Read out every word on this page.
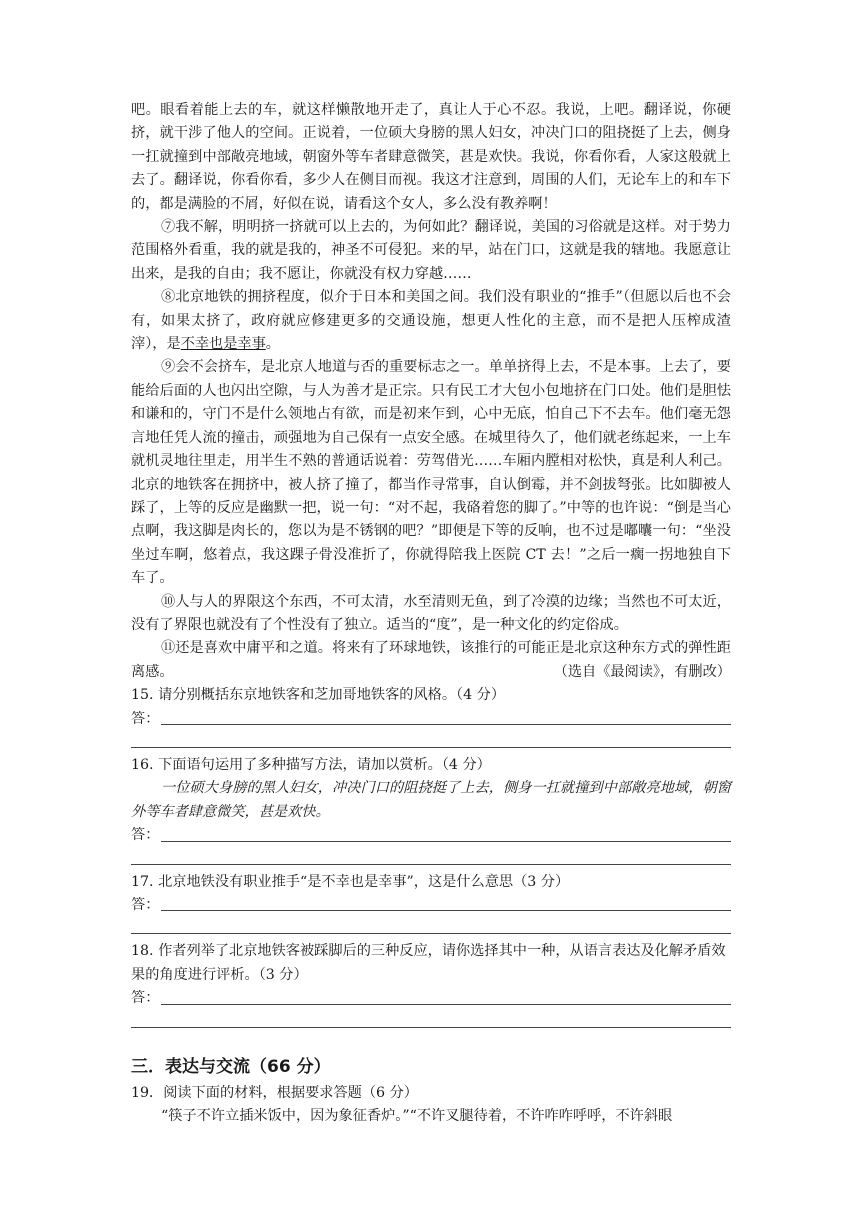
吧。眼看着能上去的车，就这样懒散地开走了，真让人于心不忍。我说，上吧。翻译说，你硬挤，就干涉了他人的空间。正说着，一位硕大身膀的黑人妇女，冲决门口的阻挠挺了上去，侧身一扛就撞到中部敞亮地域，朝窗外等车者肆意微笑，甚是欢快。我说，你看你看，人家这般就上去了。翻译说，你看你看，多少人在侧目而视。我这才注意到，周围的人们，无论车上的和车下的，都是满脸的不屑，好似在说，请看这个女人，多么没有教养啊！

⑦我不解，明明挤一挤就可以上去的，为何如此？翻译说，美国的习俗就是这样。对于势力范围格外看重，我的就是我的，神圣不可侵犯。来的早，站在门口，这就是我的辖地。我愿意让出来，是我的自由；我不愿让，你就没有权力穿越……

⑧北京地铁的拥挤程度，似介于日本和美国之间。我们没有职业的“推手”（但愿以后也不会有，如果太挤了，政府就应修建更多的交通设施，想更人性化的主意，而不是把人压榨成渣滓），是不幸也是幸事。

⑨会不会挤车，是北京人地道与否的重要标志之一。单单挤得上去，不是本事。上去了，要能给后面的人也闪出空隙，与人为善才是正宗。只有民工才大包小包地挤在门口处。他们是胆怯和谦和的，守门不是什么领地占有欲，而是初来乍到，心中无底，怕自己下不去车。他们毫无怨言地任凭人流的撞击，顽强地为自己保有一点安全感。在城里待久了，他们就老练起来，一上车就机灵地往里走，用半生不熟的普通话说着：劳驾借光……车厢内膛相对松快，真是利人利己。北京的地铁客在拥挤中，被人挤了撞了，都当作寻常事，自认倒霉，并不剑拔弩张。比如脚被人踩了，上等的反应是幽默一把，说一句：“对不起，我硌着您的脚了。”中等的也许说：“倒是当心点啊，我这脚是肉长的，您以为是不锈钢的吧？”即便是下等的反响，也不过是嘟囔一句：“坐没坐过车啊，悠着点，我这踝子骨没准折了，你就得陪我上医院 CT 去！”之后一瘸一拐地独自下车了。

⑩人与人的界限这个东西，不可太清，水至清则无鱼，到了冷漠的边缘；当然也不可太近，没有了界限也就没有了个性没有了独立。适当的“度”，是一种文化的约定俗成。

⑪还是喜欢中庸平和之道。将来有了环球地铁，该推行的可能正是北京这种东方式的弹性距离感。	（选自《最阅读》，有删改）

15. 请分别概括东京地铁客和芝加哥地铁客的风格。（4 分）

答：

16. 下面语句运用了多种描写方法，请加以赏析。（4 分）

一位硕大身膀的黑人妇女，冲决门口的阻挠挺了上去，侧身一扛就撞到中部敞亮地域，朝窗外等车者肆意微笑，甚是欢快。

答：

17. 北京地铁没有职业推手“是不幸也是幸事”，这是什么意思（3 分）

答：

18. 作者列举了北京地铁客被踩脚后的三种反应，请你选择其中一种，从语言表达及化解矛盾效果的角度进行评析。（3 分）

答：
三．表达与交流（66 分）

19．阅读下面的材料，根据要求答题（6 分）

“筷子不许立插米饭中，因为象征香炉。”“不许叉腿待着，不许咋咋呼呼，不许斜眼
